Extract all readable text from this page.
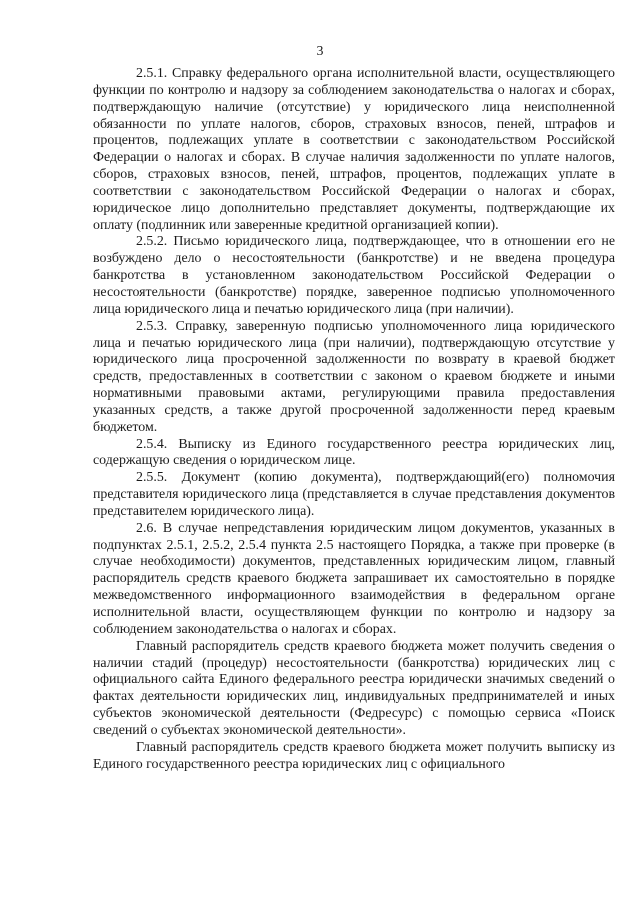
3

2.5.1. Справку федерального органа исполнительной власти, осуществляющего функции по контролю и надзору за соблюдением законодательства о налогах и сборах, подтверждающую наличие (отсутствие) у юридического лица неисполненной обязанности по уплате налогов, сборов, страховых взносов, пеней, штрафов и процентов, подлежащих уплате в соответствии с законодательством Российской Федерации о налогах и сборах. В случае наличия задолженности по уплате налогов, сборов, страховых взносов, пеней, штрафов, процентов, подлежащих уплате в соответствии с законодательством Российской Федерации о налогах и сборах, юридическое лицо дополнительно представляет документы, подтверждающие их оплату (подлинник или заверенные кредитной организацией копии).

2.5.2. Письмо юридического лица, подтверждающее, что в отношении его не возбуждено дело о несостоятельности (банкротстве) и не введена процедура банкротства в установленном законодательством Российской Федерации о несостоятельности (банкротстве) порядке, заверенное подписью уполномоченного лица юридического лица и печатью юридического лица (при наличии).

2.5.3. Справку, заверенную подписью уполномоченного лица юридического лица и печатью юридического лица (при наличии), подтверждающую отсутствие у юридического лица просроченной задолженности по возврату в краевой бюджет средств, предоставленных в соответствии с законом о краевом бюджете и иными нормативными правовыми актами, регулирующими правила предоставления указанных средств, а также другой просроченной задолженности перед краевым бюджетом.

2.5.4. Выписку из Единого государственного реестра юридических лиц, содержащую сведения о юридическом лице.

2.5.5. Документ (копию документа), подтверждающий(его) полномочия представителя юридического лица (представляется в случае представления документов представителем юридического лица).

2.6. В случае непредставления юридическим лицом документов, указанных в подпунктах 2.5.1, 2.5.2, 2.5.4 пункта 2.5 настоящего Порядка, а также при проверке (в случае необходимости) документов, представленных юридическим лицом, главный распорядитель средств краевого бюджета запрашивает их самостоятельно в порядке межведомственного информационного взаимодействия в федеральном органе исполнительной власти, осуществляющем функции по контролю и надзору за соблюдением законодательства о налогах и сборах.

Главный распорядитель средств краевого бюджета может получить сведения о наличии стадий (процедур) несостоятельности (банкротства) юридических лиц с официального сайта Единого федерального реестра юридически значимых сведений о фактах деятельности юридических лиц, индивидуальных предпринимателей и иных субъектов экономической деятельности (Федресурс) с помощью сервиса «Поиск сведений о субъектах экономической деятельности».

Главный распорядитель средств краевого бюджета может получить выписку из Единого государственного реестра юридических лиц с официального
